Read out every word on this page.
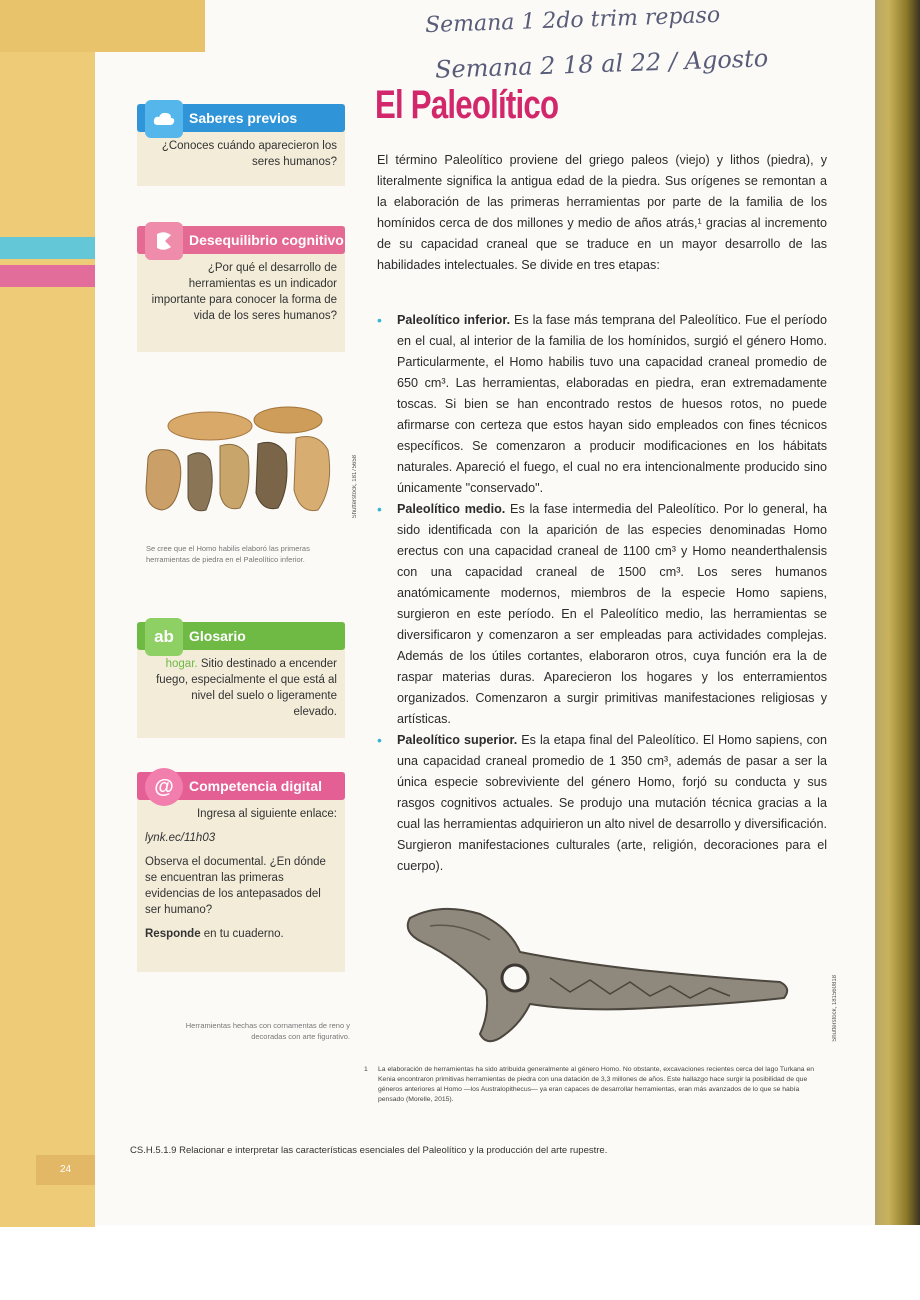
24
Semana 1 2do trim repaso
Semana 2 18 al 22 / Agosto
Saberes previos
¿Conoces cuándo aparecieron los seres humanos?
Desequilibrio cognitivo
¿Por qué el desarrollo de herramientas es un indicador importante para conocer la forma de vida de los seres humanos?
Shutterstock, 18175658
Se cree que el Homo habilis elaboró las primeras herramientas de piedra en el Paleolítico inferior.
ab	Glosario
hogar. Sitio destinado a encender fuego, especialmente el que está al nivel del suelo o ligeramente elevado.
@	Competencia digital
Ingresa al siguiente enlace:
lynk.ec/11h03
Observa el documental. ¿En dónde se encuentran las primeras evidencias de los antepasados del ser humano?
Responde en tu cuaderno.
Herramientas hechas con cornamentas de reno y decoradas con arte figurativo.
El Paleolítico
El término Paleolítico proviene del griego paleos (viejo) y lithos (piedra), y literalmente significa la antigua edad de la piedra. Sus orígenes se remontan a la elaboración de las primeras herramientas por parte de la familia de los homínidos cerca de dos millones y medio de años atrás,¹ gracias al incremento de su capacidad craneal que se traduce en un mayor desarrollo de las habilidades intelectuales. Se divide en tres etapas:
• Paleolítico inferior. Es la fase más temprana del Paleolítico. Fue el período en el cual, al interior de la familia de los homínidos, surgió el género Homo. Particularmente, el Homo habilis tuvo una capacidad craneal promedio de 650 cm³. Las herramientas, elaboradas en piedra, eran extremadamente toscas. Si bien se han encontrado restos de huesos rotos, no puede afirmarse con certeza que estos hayan sido empleados con fines técnicos específicos. Se comenzaron a producir modificaciones en los hábitats naturales. Apareció el fuego, el cual no era intencionalmente producido sino únicamente "conservado".
• Paleolítico medio. Es la fase intermedia del Paleolítico. Por lo general, ha sido identificada con la aparición de las especies denominadas Homo erectus con una capacidad craneal de 1100 cm³ y Homo neanderthalensis con una capacidad craneal de 1500 cm³. Los seres humanos anatómicamente modernos, miembros de la especie Homo sapiens, surgieron en este período. En el Paleolítico medio, las herramientas se diversificaron y comenzaron a ser empleadas para actividades complejas. Además de los útiles cortantes, elaboraron otros, cuya función era la de raspar materias duras. Aparecieron los hogares y los enterramientos organizados. Comenzaron a surgir primitivas manifestaciones religiosas y artísticas.
• Paleolítico superior. Es la etapa final del Paleolítico. El Homo sapiens, con una capacidad craneal promedio de 1 350 cm³, además de pasar a ser la única especie sobreviviente del género Homo, forjó su conducta y sus rasgos cognitivos actuales. Se produjo una mutación técnica gracias a la cual las herramientas adquirieron un alto nivel de desarrollo y diversificación. Surgieron manifestaciones culturales (arte, religión, decoraciones para el cuerpo).
Shutterstock, 181560818
1	La elaboración de herramientas ha sido atribuida generalmente al género Homo. No obstante, excavaciones recientes cerca del lago Turkana en Kenia encontraron primitivas herramientas de piedra con una datación de 3,3 millones de años. Este hallazgo hace surgir la posibilidad de que géneros anteriores al Homo —los Australopithecus— ya eran capaces de desarrollar herramientas, eran más avanzados de lo que se había pensado (Morelle, 2015).
CS.H.5.1.9 Relacionar e interpretar las características esenciales del Paleolítico y la producción del arte rupestre.
